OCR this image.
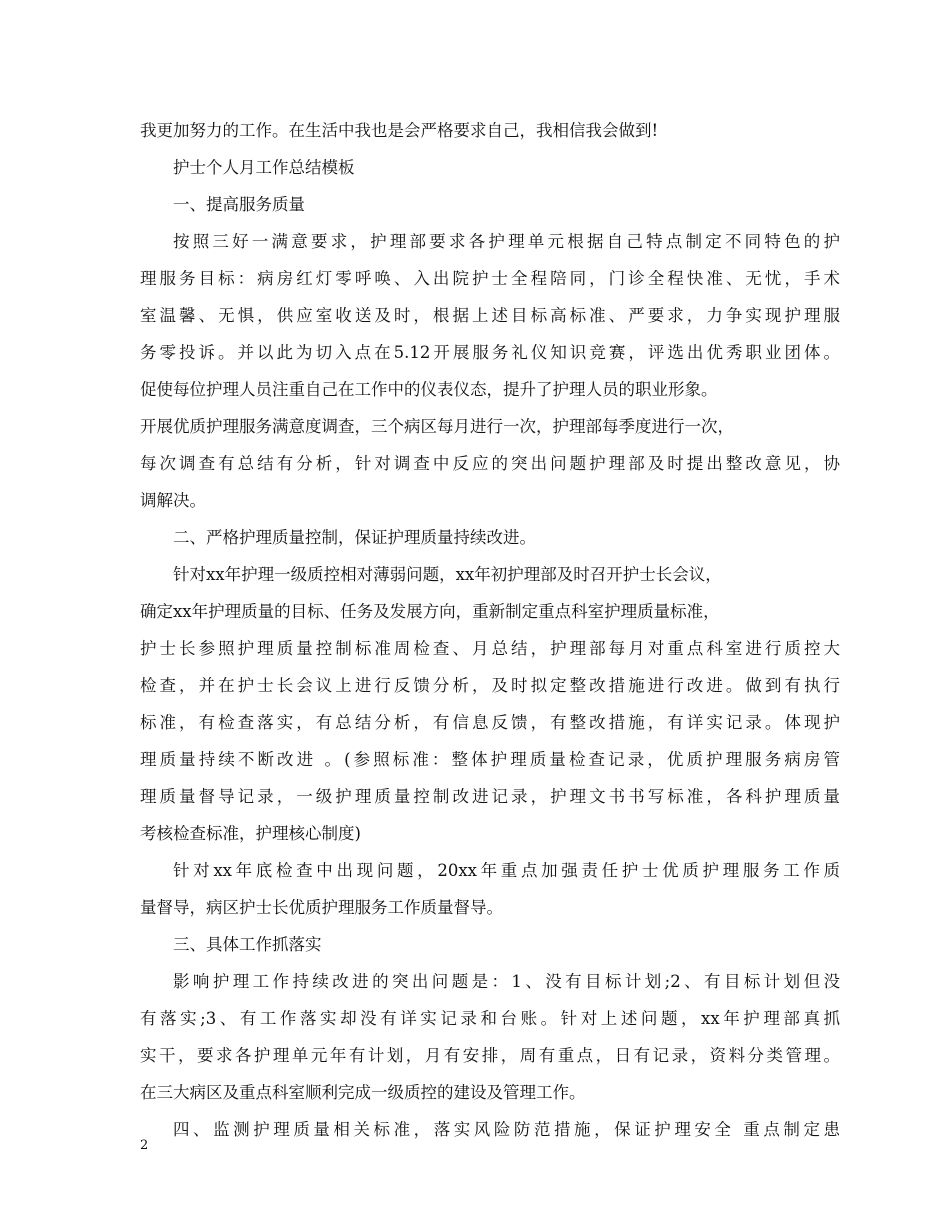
我更加努力的工作。在生活中我也是会严格要求自己，我相信我会做到!
护士个人月工作总结模板
一、提高服务质量
按照三好一满意要求，护理部要求各护理单元根据自己特点制定不同特色的护
理服务目标：病房红灯零呼唤、入出院护士全程陪同，门诊全程快准、无忧，手术
室温馨、无惧，供应室收送及时，根据上述目标高标准、严要求，力争实现护理服
务零投诉。并以此为切入点在5.12开展服务礼仪知识竞赛，评选出优秀职业团体。
促使每位护理人员注重自己在工作中的仪表仪态，提升了护理人员的职业形象。
开展优质护理服务满意度调查，三个病区每月进行一次，护理部每季度进行一次，
每次调查有总结有分析，针对调查中反应的突出问题护理部及时提出整改意见，协
调解决。
二、严格护理质量控制，保证护理质量持续改进。
针对xx年护理一级质控相对薄弱问题，xx年初护理部及时召开护士长会议，
确定xx年护理质量的目标、任务及发展方向，重新制定重点科室护理质量标准，
护士长参照护理质量控制标准周检查、月总结，护理部每月对重点科室进行质控大
检查，并在护士长会议上进行反馈分析，及时拟定整改措施进行改进。做到有执行
标准，有检查落实，有总结分析，有信息反馈，有整改措施，有详实记录。体现护
理质量持续不断改进 。(参照标准：整体护理质量检查记录，优质护理服务病房管
理质量督导记录，一级护理质量控制改进记录，护理文书书写标准，各科护理质量
考核检查标准，护理核心制度)
针对xx年底检查中出现问题，20xx年重点加强责任护士优质护理服务工作质
量督导，病区护士长优质护理服务工作质量督导。
三、具体工作抓落实
影响护理工作持续改进的突出问题是：1、没有目标计划;2、有目标计划但没
有落实;3、有工作落实却没有详实记录和台账。针对上述问题，xx年护理部真抓
实干，要求各护理单元年有计划，月有安排，周有重点，日有记录，资料分类管理。
在三大病区及重点科室顺利完成一级质控的建设及管理工作。
四、监测护理质量相关标准，落实风险防范措施，保证护理安全 重点制定患
2
